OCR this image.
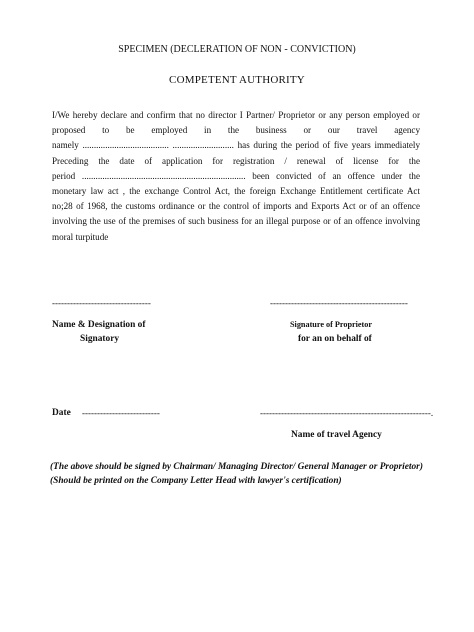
SPECIMEN (DECLERATION OF NON - CONVICTION)
COMPETENT AUTHORITY
I/We hereby declare and confirm that no director I Partner/ Proprietor or any person employed or
proposed to be employed in the business or our travel agency
namely ...................................... ........................... has during the period of five years immediately
Preceding the date of application for registration / renewal of license for the
period ........................................................................ been convicted of an offence under the
monetary law act , the exchange Control Act, the foreign Exchange Entitlement certificate Act
no;28 of 1968, the customs ordinance or the control of imports and Exports Act or of an offence
involving the use of the premises of such business for an illegal purpose or of an offence involving
moral turpitude
---------------------------------	----------------------------------------------
Name & Designation of
Signatory
Signature of Proprietor
for an on behalf of
Date --------------------------	---------------------------------------------------------.
Name of travel Agency
(The above should be signed by Chairman/ Managing Director/ General Manager or Proprietor)
(Should be printed on the Company Letter Head with lawyer's certification)
